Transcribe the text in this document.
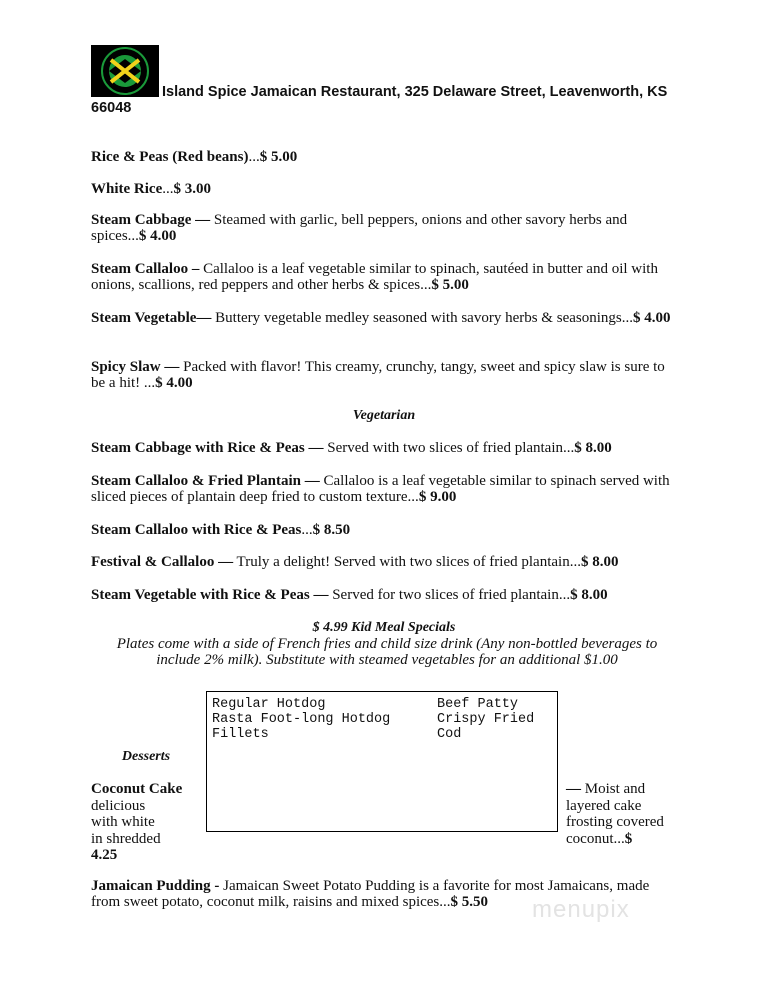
Island Spice Jamaican Restaurant, 325 Delaware Street, Leavenworth, KS
66048
Rice & Peas (Red beans)...$ 5.00
White Rice...$ 3.00
Steam Cabbage — Steamed with garlic, bell peppers, onions and other savory herbs and spices...$ 4.00
Steam Callaloo – Callaloo is a leaf vegetable similar to spinach, sautéed in butter and oil with onions, scallions, red peppers and other herbs & spices...$ 5.00
Steam Vegetable— Buttery vegetable medley seasoned with savory herbs & seasonings...$ 4.00
Spicy Slaw — Packed with flavor! This creamy, crunchy, tangy, sweet and spicy slaw is sure to be a hit! ...$ 4.00
Vegetarian
Steam Cabbage with Rice & Peas — Served with two slices of fried plantain...$ 8.00
Steam Callaloo & Fried Plantain — Callaloo is a leaf vegetable similar to spinach served with sliced pieces of plantain deep fried to custom texture...$ 9.00
Steam Callaloo with Rice & Peas...$ 8.50
Festival & Callaloo — Truly a delight! Served with two slices of fried plantain...$ 8.00
Steam Vegetable with Rice & Peas — Served for two slices of fried plantain...$ 8.00
$ 4.99 Kid Meal Specials
Plates come with a side of French fries and child size drink (Any non-bottled beverages to include 2% milk). Substitute with steamed vegetables for an additional $1.00
Regular Hotdog	Beef Patty
Rasta Foot-long Hotdog	Crispy Fried Cod
Fillets
Desserts
Coconut Cake
delicious
with white
in shredded
4.25
— Moist and
layered cake
frosting covered
coconut...$
Jamaican Pudding - Jamaican Sweet Potato Pudding is a favorite for most Jamaicans, made from sweet potato, coconut milk, raisins and mixed spices...$ 5.50	menupix
